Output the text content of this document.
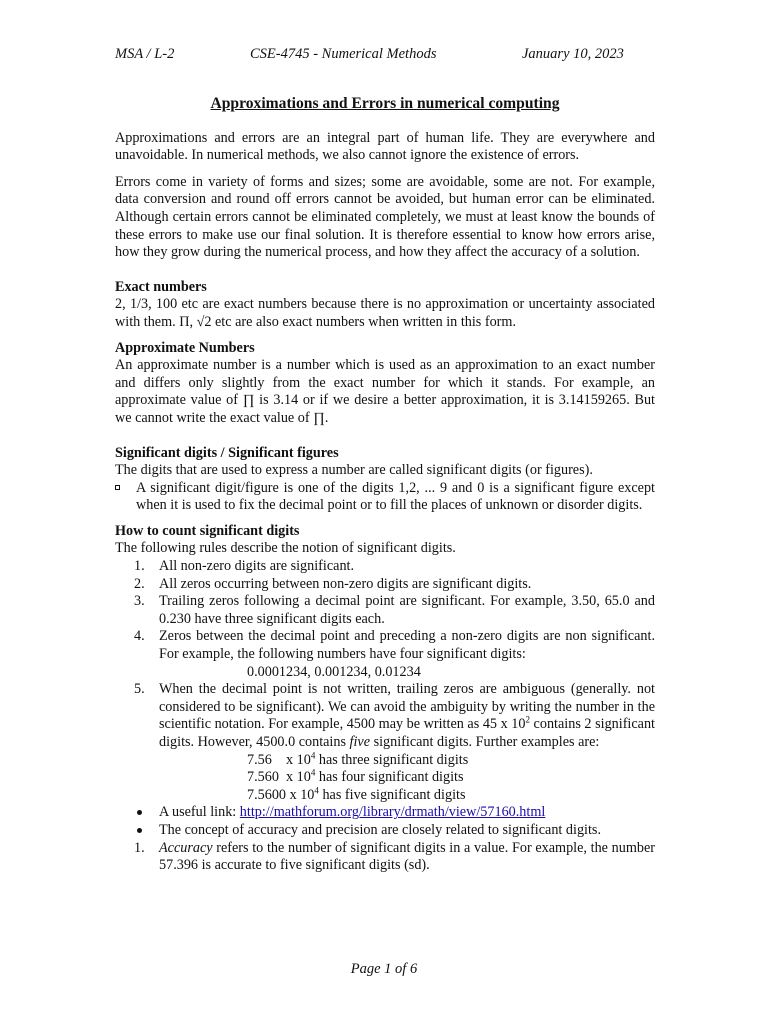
MSA / L-2	CSE-4745 - Numerical Methods	January 10, 2023
Approximations and Errors in numerical computing

Approximations and errors are an integral part of human life. They are everywhere and unavoidable. In numerical methods, we also cannot ignore the existence of errors.

Errors come in variety of forms and sizes; some are avoidable, some are not. For example, data conversion and round off errors cannot be avoided, but human error can be eliminated. Although certain errors cannot be eliminated completely, we must at least know the bounds of these errors to make use our final solution. It is therefore essential to know how errors arise, how they grow during the numerical process, and how they affect the accuracy of a solution.

Exact numbers

2, 1/3, 100 etc are exact numbers because there is no approximation or uncertainty associated with them. Π, √2 etc are also exact numbers when written in this form.

Approximate Numbers

An approximate number is a number which is used as an approximation to an exact number and differs only slightly from the exact number for which it stands. For example, an approximate value of ∏ is 3.14 or if we desire a better approximation, it is 3.14159265. But we cannot write the exact value of ∏.

Significant digits / Significant figures

The digits that are used to express a number are called significant digits (or figures).

A significant digit/figure is one of the digits 1,2, ... 9 and 0 is a significant figure except when it is used to fix the decimal point or to fill the places of unknown or disorder digits.
How to count significant digits

The following rules describe the notion of significant digits.

1. All non-zero digits are significant.
2. All zeros occurring between non-zero digits are significant digits.
3. Trailing zeros following a decimal point are significant. For example, 3.50, 65.0 and 0.230 have three significant digits each.
4. Zeros between the decimal point and preceding a non-zero digits are non significant. For example, the following numbers have four significant digits:
0.0001234, 0.001234, 0.01234
5. When the decimal point is not written, trailing zeros are ambiguous (generally. not considered to be significant). We can avoid the ambiguity by writing the number in the scientific notation. For example, 4500 may be written as 45 x $10^2$ contains 2 significant digits. However, 4500.0 contains five significant digits. Further examples are:
7.56    x $10^4$ has three significant digits
7.560  x $10^4$ has four significant digits
7.5600 x $10^4$ has five significant digits
A useful link: http://mathforum.org/library/drmath/view/57160.html
The concept of accuracy and precision are closely related to significant digits.
1. Accuracy refers to the number of significant digits in a value. For example, the number 57.396 is accurate to five significant digits (sd).
Page 1 of 6
